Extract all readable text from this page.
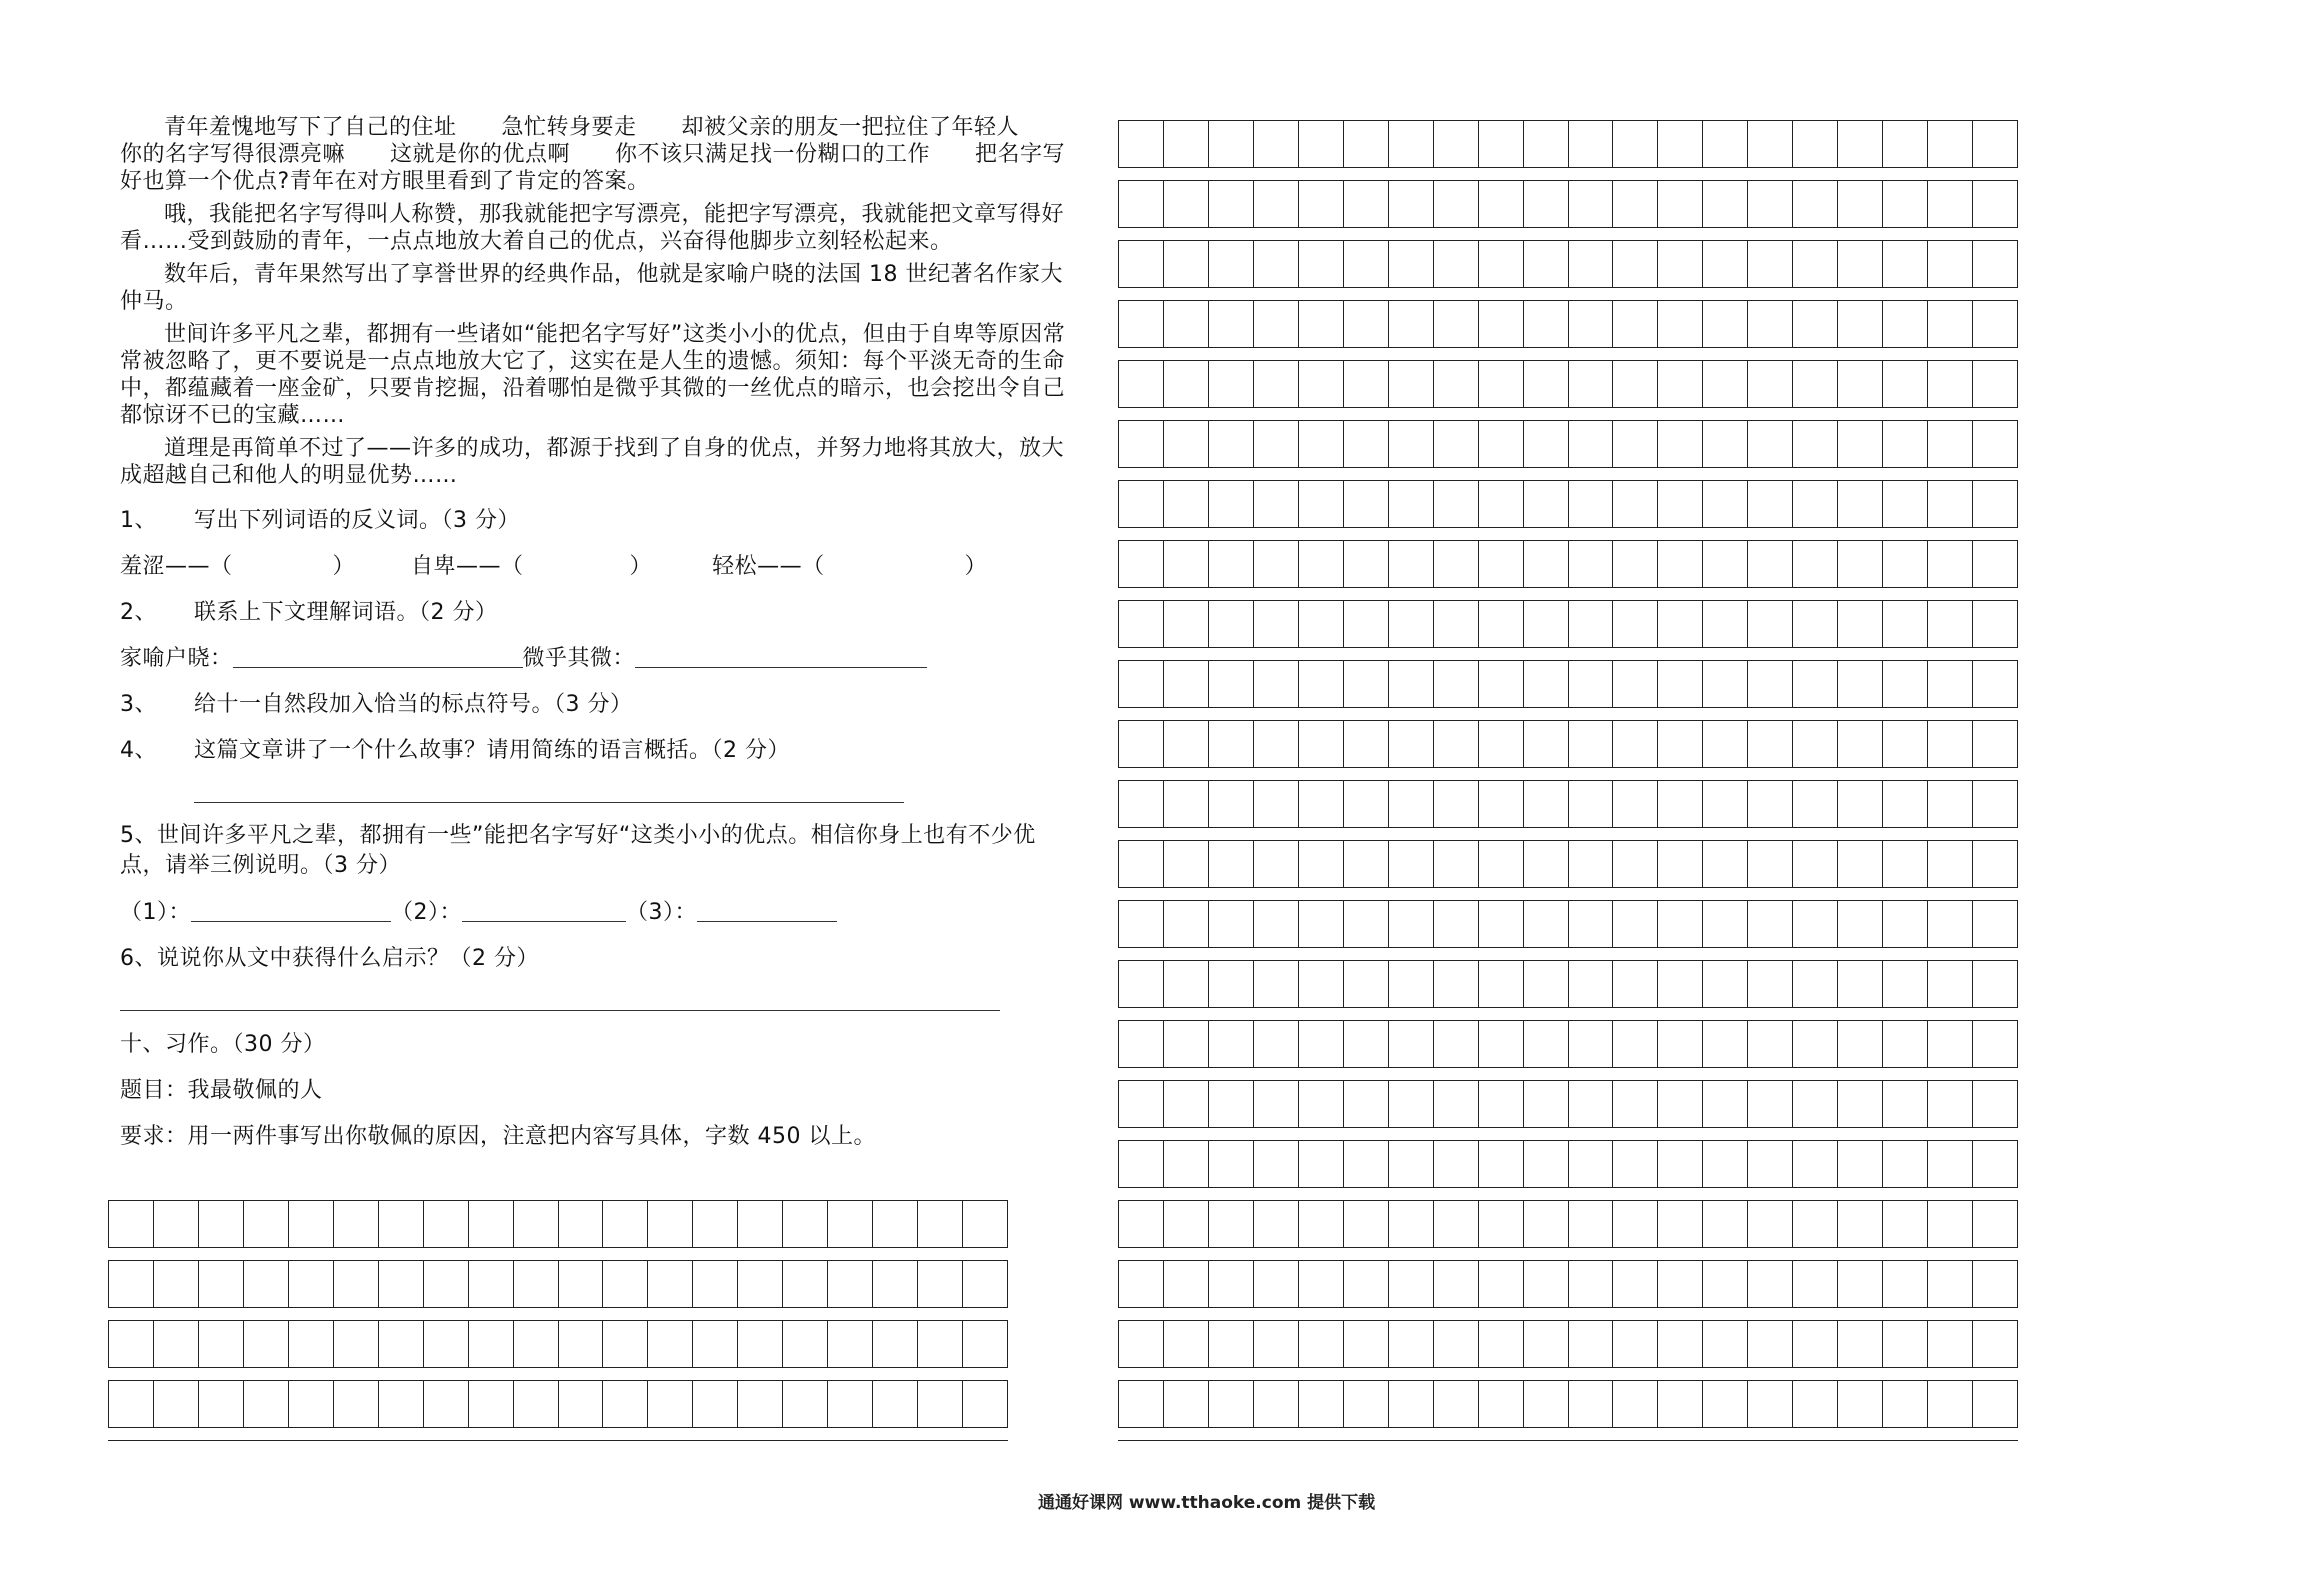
青年羞愧地写下了自己的住址　　急忙转身要走　　却被父亲的朋友一把拉住了年轻人　　你的名字写得很漂亮嘛　　这就是你的优点啊　　你不该只满足找一份糊口的工作　　把名字写好也算一个优点?青年在对方眼里看到了肯定的答案。

哦，我能把名字写得叫人称赞，那我就能把字写漂亮，能把字写漂亮，我就能把文章写得好看……受到鼓励的青年，一点点地放大着自己的优点，兴奋得他脚步立刻轻松起来。

数年后，青年果然写出了享誉世界的经典作品，他就是家喻户晓的法国 18 世纪著名作家大仲马。

世间许多平凡之辈，都拥有一些诸如“能把名字写好”这类小小的优点，但由于自卑等原因常常被忽略了，更不要说是一点点地放大它了，这实在是人生的遗憾。须知：每个平淡无奇的生命中，都蕴藏着一座金矿，只要肯挖掘，沿着哪怕是微乎其微的一丝优点的暗示，也会挖出令自己都惊讶不已的宝藏……

道理是再简单不过了——许多的成功，都源于找到了自身的优点，并努力地将其放大，放大成超越自己和他人的明显优势……

1、	写出下列词语的反义词。（3 分）
羞涩——（	）	自卑——（	）	轻松——（	）
2、	联系上下文理解词语。（2 分）
家喻户晓：	微乎其微：
3、	给十一自然段加入恰当的标点符号。（3 分）
4、	这篇文章讲了一个什么故事？请用简练的语言概括。（2 分）

5、世间许多平凡之辈，都拥有一些”能把名字写好“这类小小的优点。相信你身上也有不少优点，请举三例说明。（3 分）

（1）：	（2）：	（3）：
6、说说你从文中获得什么启示？（2 分）
十、习作。（30 分）
题目：我最敬佩的人
要求：用一两件事写出你敬佩的原因，注意把内容写具体，字数 450 以上。
通通好课网 www.tthaoke.com 提供下载
